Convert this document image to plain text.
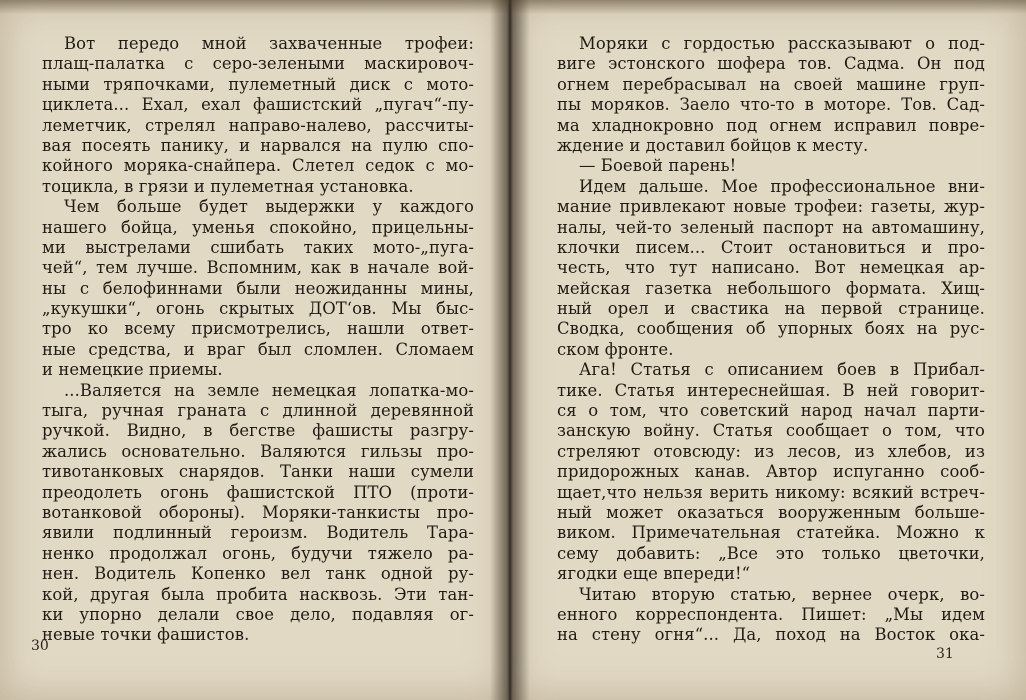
Вот передо мной захваченные трофеи:
плащ-палатка с серо-зелеными маскировоч-
ными тряпочками, пулеметный диск с мото-
циклета... Ехал, ехал фашистский „пугач“-пу-
леметчик, стрелял направо-налево, рассчиты-
вая посеять панику, и нарвался на пулю спо-
койного моряка-снайпера. Слетел седок с мо-
тоцикла, в грязи и пулеметная установка.
Чем больше будет выдержки у каждого
нашего бойца, уменья спокойно, прицельны-
ми выстрелами сшибать таких мото-„пуга-
чей“, тем лучше. Вспомним, как в начале вой-
ны с белофиннами были неожиданны мины,
„кукушки“, огонь скрытых ДОТ‘ов. Мы быс-
тро ко всему присмотрелись, нашли ответ-
ные средства, и враг был сломлен. Сломаем
и немецкие приемы.
...Валяется на земле немецкая лопатка-мо-
тыга, ручная граната с длинной деревянной
ручкой. Видно, в бегстве фашисты разгру-
жались основательно. Валяются гильзы про-
тивотанковых снарядов. Танки наши сумели
преодолеть огонь фашистской ПТО (проти-
вотанковой обороны). Моряки-танкисты про-
явили подлинный героизм. Водитель Тара-
ненко продолжал огонь, будучи тяжело ра-
нен. Водитель Копенко вел танк одной ру-
кой, другая была пробита насквозь. Эти тан-
ки упорно делали свое дело, подавляя ог-
невые точки фашистов.
30
Моряки с гордостью рассказывают о под-
виге эстонского шофера тов. Садма. Он под
огнем перебрасывал на своей машине груп-
пы моряков. Заело что-то в моторе. Тов. Сад-
ма хладнокровно под огнем исправил повре-
ждение и доставил бойцов к месту.
— Боевой парень!
Идем дальше. Мое профессиональное вни-
мание привлекают новые трофеи: газеты, жур-
налы, чей-то зеленый паспорт на автомашину,
клочки писем... Стоит остановиться и про-
честь, что тут написано. Вот немецкая ар-
мейская газетка небольшого формата. Хищ-
ный орел и свастика на первой странице.
Сводка, сообщения об упорных боях на рус-
ском фронте.
Ага! Статья с описанием боев в Прибал-
тике. Статья интереснейшая. В ней говорит-
ся о том, что советский народ начал парти-
занскую войну. Статья сообщает о том, что
стреляют отовсюду: из лесов, из хлебов, из
придорожных канав. Автор испуганно сооб-
щает,что нельзя верить никому: всякий встреч-
ный может оказаться вооруженным больше-
виком. Примечательная статейка. Можно к
сему добавить: „Все это только цветочки,
ягодки еще впереди!“
Читаю вторую статью, вернее очерк, во-
енного корреспондента. Пишет: „Мы идем
на стену огня“... Да, поход на Восток ока-
31
